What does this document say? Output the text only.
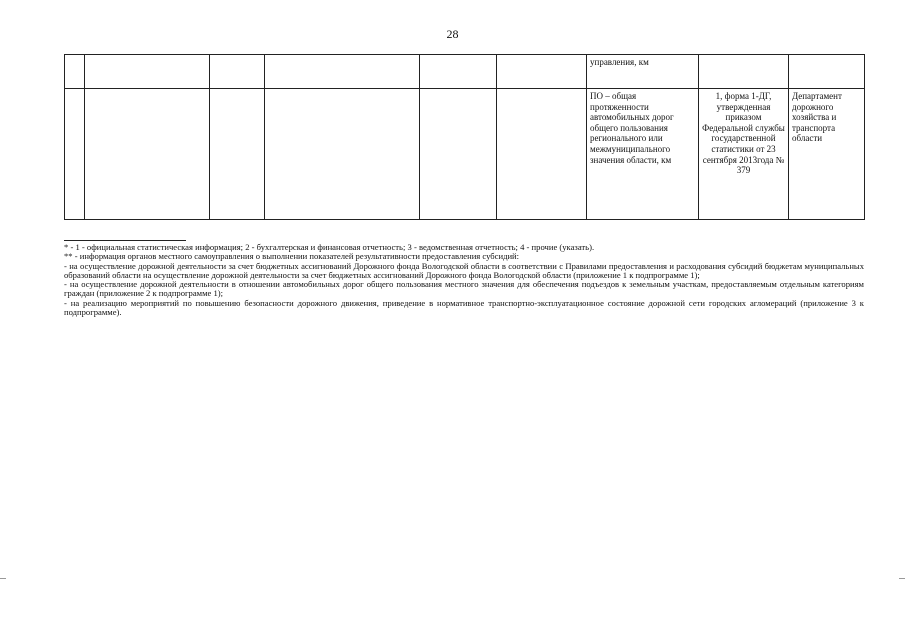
28
						управления, км		
						ПО – общая протяженности автомобильных дорог общего пользования регионального или межмуниципального значения области, км	1, форма 1-ДГ, утвержденная приказом Федеральной службы государственной статистики от 23 сентября 2013года № 379	Департамент дорожного хозяйства и транспорта области

* - 1 - официальная статистическая информация; 2 - бухгалтерская и финансовая отчетность; 3 - ведомственная отчетность; 4 - прочие (указать).

** - информация органов местного самоуправления о выполнении показателей результативности предоставления субсидий:

- на осуществление дорожной деятельности за счет бюджетных ассигнований Дорожного фонда Вологодской области в соответствии с Правилами предоставления и расходования субсидий бюджетам муниципальных образований области на осуществление дорожной деятельности за счет бюджетных ассигнований Дорожного фонда Вологодской области (приложение 1 к подпрограмме 1);

- на осуществление дорожной деятельности в отношении автомобильных дорог общего пользования местного значения для обеспечения подъездов к земельным участкам, предоставляемым отдельным категориям граждан (приложение 2 к подпрограмме 1);

- на реализацию мероприятий по повышению безопасности дорожного движения, приведение в нормативное транспортно-эксплуатационное состояние дорожной сети городских агломераций (приложение 3 к подпрограмме).
